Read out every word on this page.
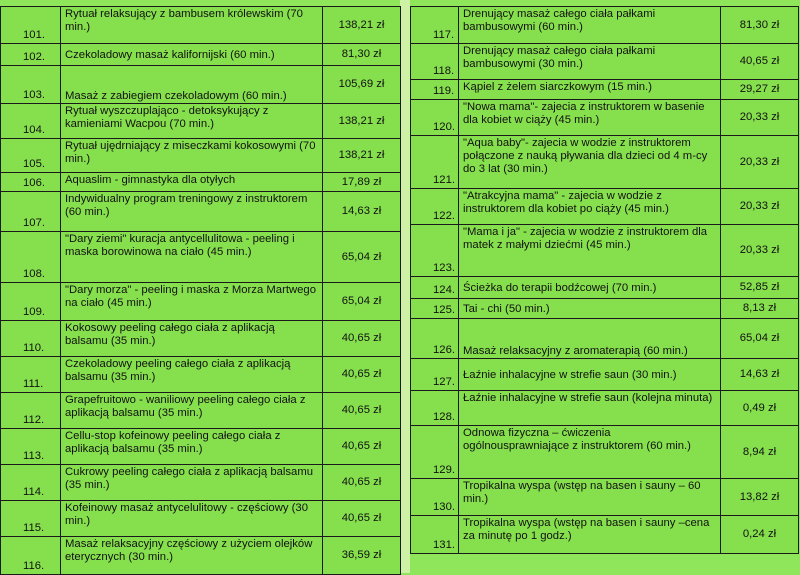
101.	Rytuał relaksujący z bambusem królewskim (70 min.)	138,21 zł
102.	Czekoladowy masaż kalifornijski (60 min.)	81,30 zł
103.	Masaż z zabiegiem czekoladowym (60 min.)	105,69 zł
104.	Rytuał wyszczuplająco - detoksykujący z kamieniami Wacpou (70 min.)	138,21 zł
105.	Rytuał ujędrniający z miseczkami kokosowymi (70 min.)	138,21 zł
106.	Aquaslim - gimnastyka dla otyłych	17,89 zł
107.	Indywidualny program treningowy z instruktorem (60 min.)	14,63 zł
108.	"Dary ziemi" kuracja antycellulitowa - peeling i maska borowinowa na ciało (45 min.)	65,04 zł
109.	"Dary morza" - peeling i maska z Morza Martwego na ciało (45 min.)	65,04 zł
110.	Kokosowy peeling całego ciała z aplikacją balsamu (35 min.)	40,65 zł
111.	Czekoladowy peeling całego ciała z aplikacją balsamu (35 min.)	40,65 zł
112.	Grapefruitowo - waniliowy peeling całego ciała z aplikacją balsamu (35 min.)	40,65 zł
113.	Cellu-stop kofeinowy peeling całego ciała z aplikacją balsamu (35 min.)	40,65 zł
114.	Cukrowy peeling całego ciała z aplikacją balsamu (35 min.)	40,65 zł
115.	Kofeinowy masaż antycelulitowy - częściowy (30 min.)	40,65 zł
116.	Masaż relaksacyjny częściowy z użyciem olejków eterycznych (30 min.)	36,59 zł
117.	Drenujący masaż całego ciała pałkami bambusowymi (60 min.)	81,30 zł
118.	Drenujący masaż całego ciała pałkami bambusowymi (30 min.)	40,65 zł
119.	Kąpiel z żelem siarczkowym (15 min.)	29,27 zł
120.	"Nowa mama"- zajecia z instruktorem w basenie dla kobiet w ciąży (45 min.)	20,33 zł
121.	"Aqua baby"- zajecia w wodzie z instruktorem połączone z nauką pływania dla dzieci od 4 m-cy do 3 lat (30 min.)	20,33 zł
122.	"Atrakcyjna mama" - zajecia w wodzie z instruktorem dla kobiet po ciąży (45 min.)	20,33 zł
123.	"Mama i ja" - zajecia w wodzie z instruktorem dla matek z małymi dziećmi (45 min.)	20,33 zł
124.	Ścieżka do terapii bodźcowej (70 min.)	52,85 zł
125.	Tai - chi (50 min.)	8,13 zł
126.	Masaż relaksacyjny z aromaterapią (60 min.)	65,04 zł
127.	Łaźnie inhalacyjne w strefie saun (30 min.)	14,63 zł
128.	Łaźnie inhalacyjne w strefie saun (kolejna minuta)	0,49 zł
129.	Odnowa fizyczna – ćwiczenia ogólnousprawniające z instruktorem (60 min.)	8,94 zł
130.	Tropikalna wyspa (wstęp na basen i sauny – 60 min.)	13,82 zł
131.	Tropikalna wyspa (wstęp na basen i sauny –cena za minutę po 1 godz.)	0,24 zł
